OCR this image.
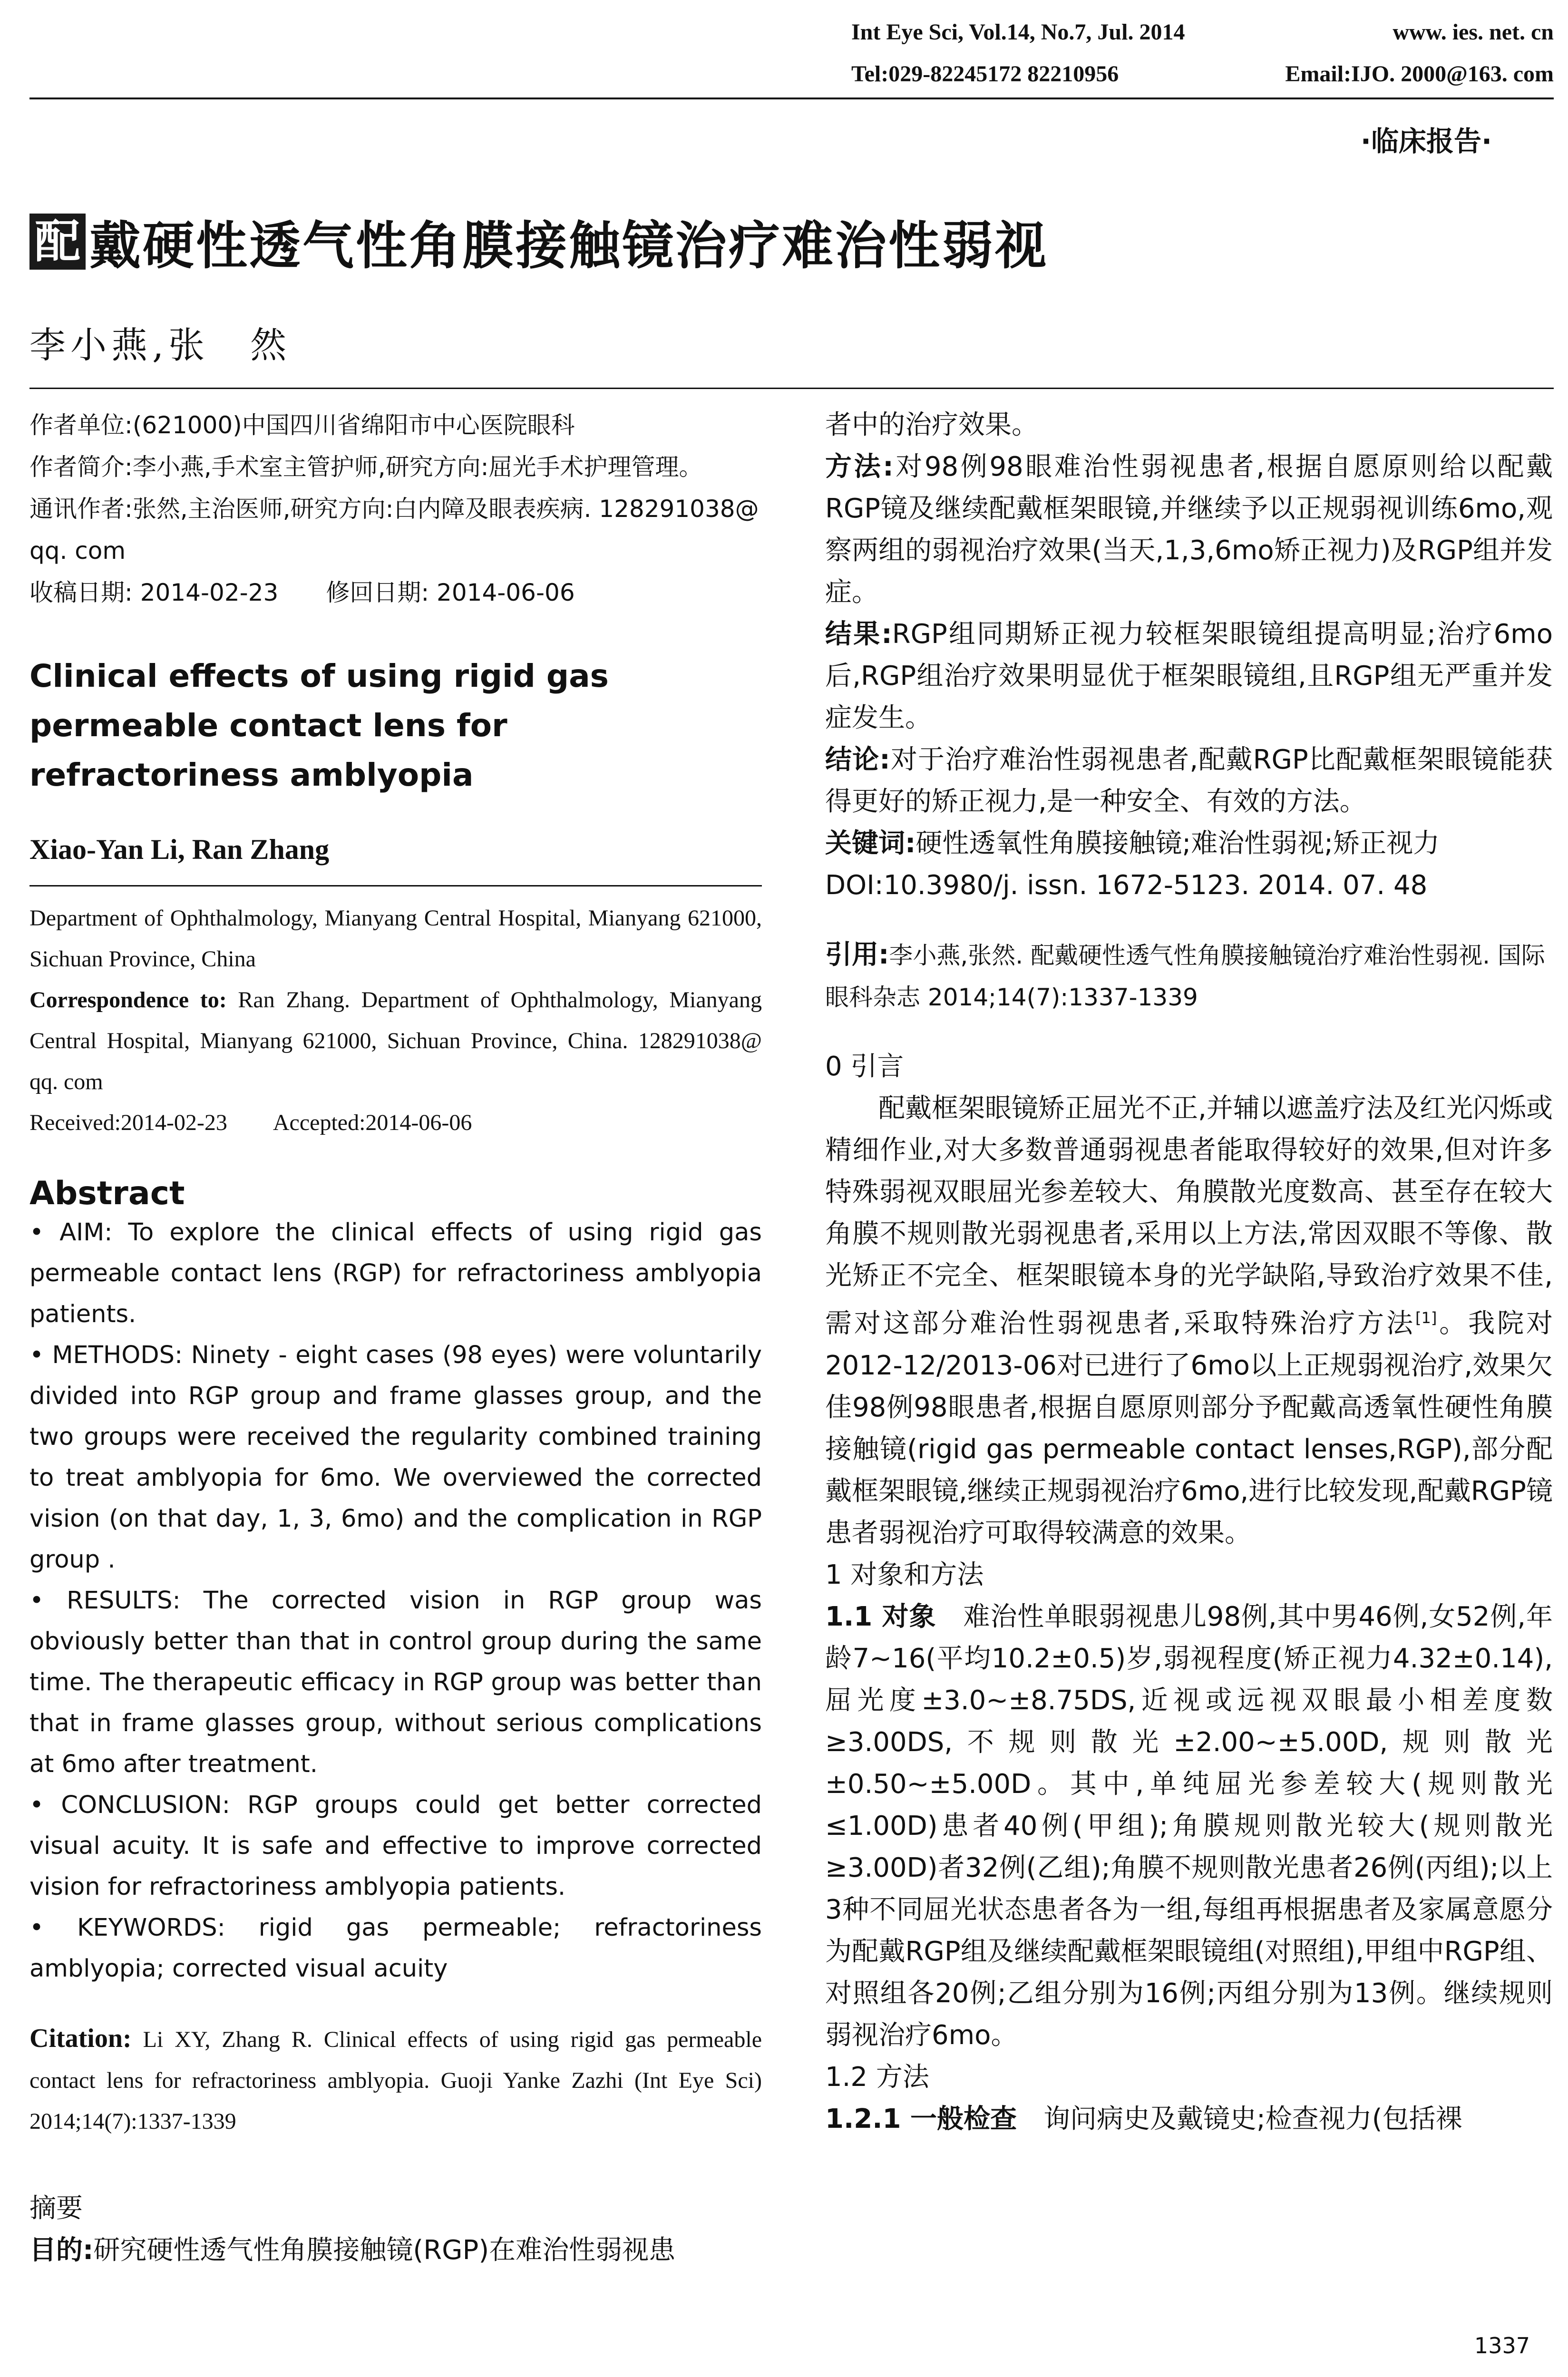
Int Eye Sci, Vol.14, No.7, Jul. 2014	www. ies. net. cn
Tel:029-82245172 82210956	Email:IJO. 2000@163. com
·临床报告·
配 戴硬性透气性角膜接触镜治疗难治性弱视
李小燕,张　然
作者单位:(621000)中国四川省绵阳市中心医院眼科
作者简介:李小燕,手术室主管护师,研究方向:屈光手术护理管理。
通讯作者:张然,主治医师,研究方向:白内障及眼表疾病. 128291038@ qq. com
收稿日期: 2014-02-23　　修回日期: 2014-06-06
Clinical effects of using rigid gas permeable contact lens for refractoriness amblyopia
Xiao-Yan Li, Ran Zhang
Department of Ophthalmology, Mianyang Central Hospital, Mianyang 621000, Sichuan Province, China
Correspondence to: Ran Zhang. Department of Ophthalmology, Mianyang Central Hospital, Mianyang 621000, Sichuan Province, China. 128291038@ qq. com
Received:2014-02-23　　Accepted:2014-06-06
Abstract
• AIM: To explore the clinical effects of using rigid gas permeable contact lens (RGP) for refractoriness amblyopia patients.
• METHODS: Ninety - eight cases (98 eyes) were voluntarily divided into RGP group and frame glasses group, and the two groups were received the regularity combined training to treat amblyopia for 6mo. We overviewed the corrected vision (on that day, 1, 3, 6mo) and the complication in RGP group .
• RESULTS: The corrected vision in RGP group was obviously better than that in control group during the same time. The therapeutic efficacy in RGP group was better than that in frame glasses group, without serious complications at 6mo after treatment.
• CONCLUSION: RGP groups could get better corrected visual acuity. It is safe and effective to improve corrected vision for refractoriness amblyopia patients.
• KEYWORDS: rigid gas permeable; refractoriness amblyopia; corrected visual acuity
Citation: Li XY, Zhang R. Clinical effects of using rigid gas permeable contact lens for refractoriness amblyopia. Guoji Yanke Zazhi (Int Eye Sci) 2014;14(7):1337-1339
摘要
目的:研究硬性透气性角膜接触镜(RGP)在难治性弱视患
者中的治疗效果。
方法:对98例98眼难治性弱视患者,根据自愿原则给以配戴RGP镜及继续配戴框架眼镜,并继续予以正规弱视训练6mo,观察两组的弱视治疗效果(当天,1,3,6mo矫正视力)及RGP组并发症。
结果:RGP组同期矫正视力较框架眼镜组提高明显;治疗6mo后,RGP组治疗效果明显优于框架眼镜组,且RGP组无严重并发症发生。
结论:对于治疗难治性弱视患者,配戴RGP比配戴框架眼镜能获得更好的矫正视力,是一种安全、有效的方法。
关键词:硬性透氧性角膜接触镜;难治性弱视;矫正视力
DOI:10.3980/j. issn. 1672-5123. 2014. 07. 48
引用:李小燕,张然. 配戴硬性透气性角膜接触镜治疗难治性弱视. 国际眼科杂志 2014;14(7):1337-1339
0 引言
配戴框架眼镜矫正屈光不正,并辅以遮盖疗法及红光闪烁或精细作业,对大多数普通弱视患者能取得较好的效果,但对许多特殊弱视双眼屈光参差较大、角膜散光度数高、甚至存在较大角膜不规则散光弱视患者,采用以上方法,常因双眼不等像、散光矫正不完全、框架眼镜本身的光学缺陷,导致治疗效果不佳,需对这部分难治性弱视患者,采取特殊治疗方法[1]。我院对2012-12/2013-06对已进行了6mo以上正规弱视治疗,效果欠佳98例98眼患者,根据自愿原则部分予配戴高透氧性硬性角膜接触镜(rigid gas permeable contact lenses,RGP),部分配戴框架眼镜,继续正规弱视治疗6mo,进行比较发现,配戴RGP镜患者弱视治疗可取得较满意的效果。
1 对象和方法
1.1 对象　难治性单眼弱视患儿98例,其中男46例,女52例,年龄7~16(平均10.2±0.5)岁,弱视程度(矫正视力4.32±0.14),屈光度±3.0~±8.75DS,近视或远视双眼最小相差度数≥3.00DS,不规则散光±2.00~±5.00D,规则散光±0.50~±5.00D。其中,单纯屈光参差较大(规则散光≤1.00D)患者40例(甲组);角膜规则散光较大(规则散光≥3.00D)者32例(乙组);角膜不规则散光患者26例(丙组);以上3种不同屈光状态患者各为一组,每组再根据患者及家属意愿分为配戴RGP组及继续配戴框架眼镜组(对照组),甲组中RGP组、对照组各20例;乙组分别为16例;丙组分别为13例。继续规则弱视治疗6mo。
1.2 方法
1.2.1 一般检查　询问病史及戴镜史;检查视力(包括裸
1337
